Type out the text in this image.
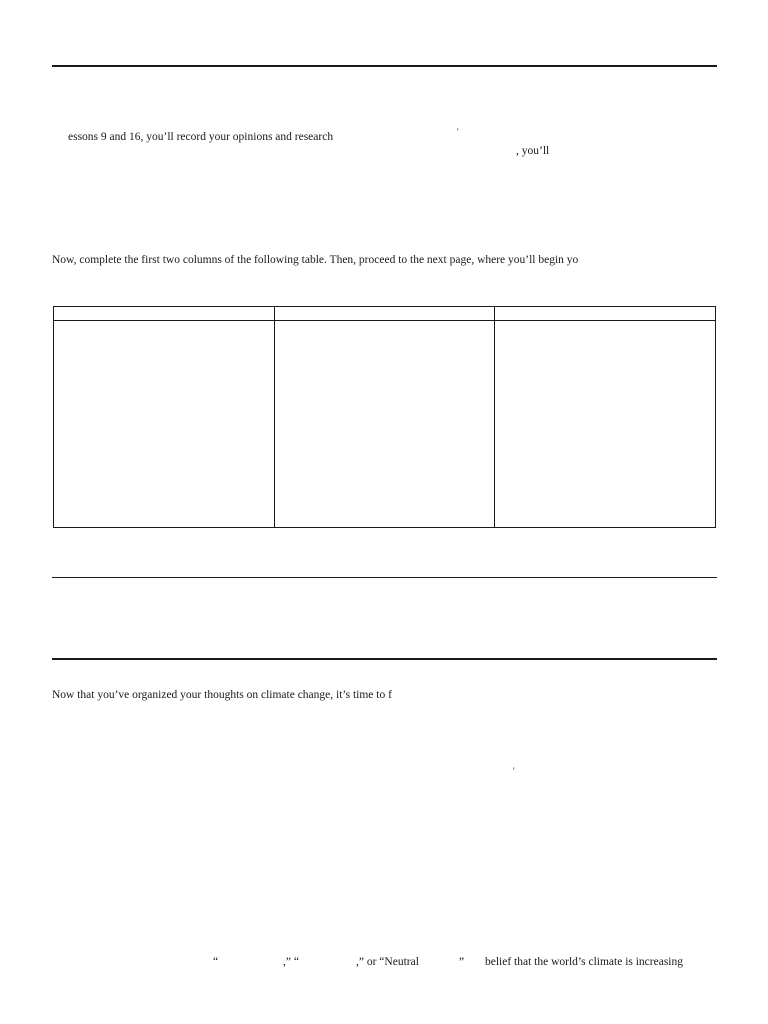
essons 9 and 16, you’ll record your opinions and research	'
, you’ll
Now, complete the first two columns of the following table. Then, proceed to the next page, where you’ll begin yo

Now that you’ve organized your thoughts on climate change, it’s time to f
'
“	,” “	,” or “Neutral	” belief that the world’s climate is increasing
